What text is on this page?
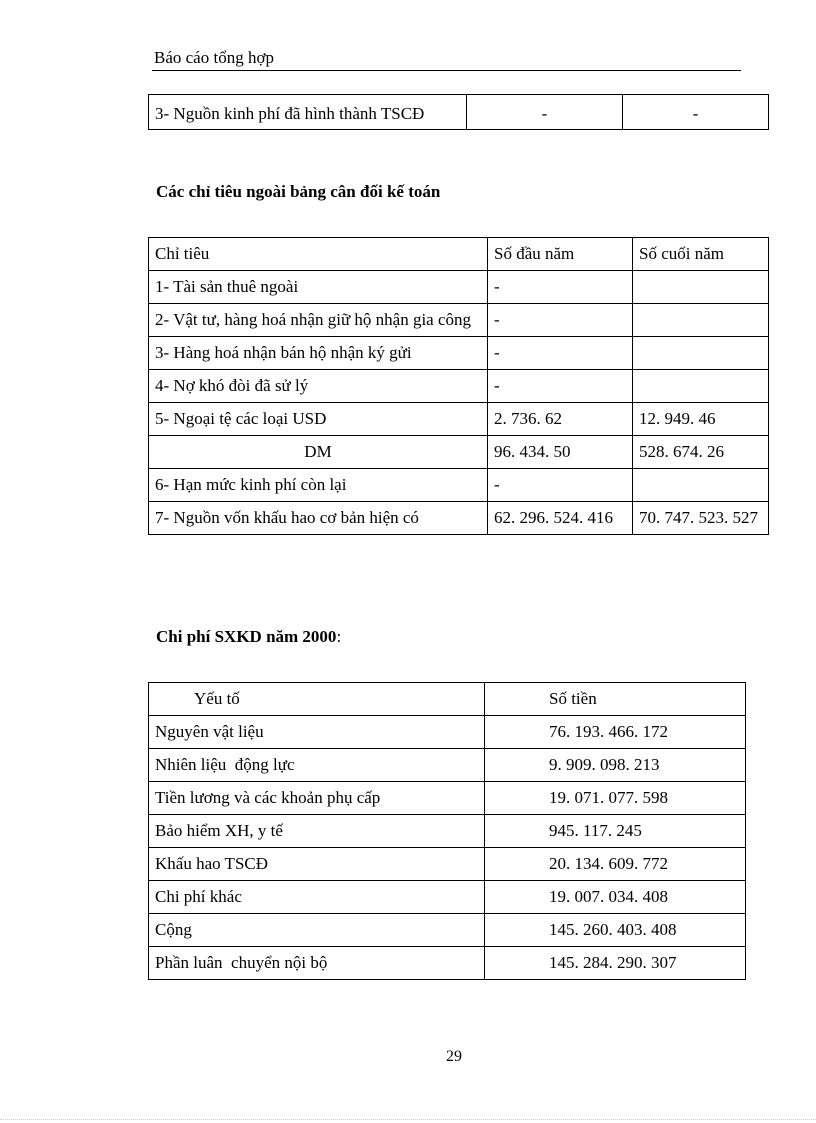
Báo cáo tổng hợp
3- Nguồn kinh phí đã hình thành TSCĐ	-	-
Các chỉ tiêu ngoài bảng cân đối kế toán
Chỉ tiêu	Số đầu năm	Số cuối năm
1- Tài sản thuê ngoài	-	
2- Vật tư, hàng hoá nhận giữ hộ nhận gia công	-	
3- Hàng hoá nhận bán hộ nhận ký gửi	-	
4- Nợ khó đòi đã sử lý	-	
5- Ngoại tệ các loại USD	2. 736. 62	12. 949. 46
DM	96. 434. 50	528. 674. 26
6- Hạn mức kinh phí còn lại	-	
7- Nguồn vốn khấu hao cơ bản hiện có	62. 296. 524. 416	70. 747. 523. 527
Chi phí SXKD năm 2000:
Yếu tố	Số tiền
Nguyên vật liệu	76. 193. 466. 172
Nhiên liệu  động lực	9. 909. 098. 213
Tiền lương và các khoản phụ cấp	19. 071. 077. 598
Bảo hiểm XH, y tế	945. 117. 245
Khấu hao TSCĐ	20. 134. 609. 772
Chi phí khác	19. 007. 034. 408
Cộng	145. 260. 403. 408
Phần luân  chuyển nội bộ	145. 284. 290. 307
29
